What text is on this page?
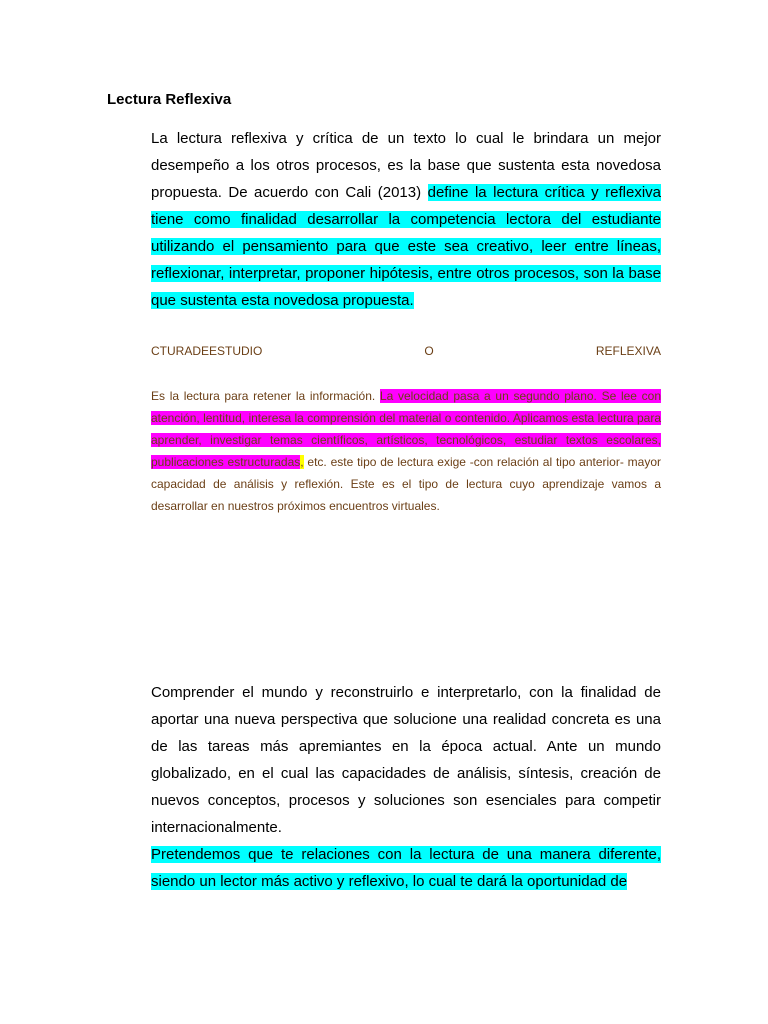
Lectura Reflexiva

La lectura reflexiva y crítica de un texto lo cual le brindara un mejor desempeño a los otros procesos, es la base que sustenta esta novedosa propuesta. De acuerdo con Cali (2013) define la lectura crítica y reflexiva tiene como finalidad desarrollar la competencia lectora del estudiante utilizando el pensamiento para que este sea creativo, leer entre líneas, reflexionar, interpretar, proponer hipótesis, entre otros procesos, son la base que sustenta esta novedosa propuesta.

CTURADEESTUDIO	O	REFLEXIVA

Es la lectura para retener la información. La velocidad pasa a un segundo plano. Se lee con atención, lentitud, interesa la comprensión del material o contenido. Aplicamos esta lectura para aprender, investigar temas científicos, artísticos, tecnológicos, estudiar textos escolares, publicaciones estructuradas, etc. este tipo de lectura exige -con relación al tipo anterior- mayor capacidad de análisis y reflexión. Este es el tipo de lectura cuyo aprendizaje vamos a desarrollar en nuestros próximos encuentros virtuales.

Comprender el mundo y reconstruirlo e interpretarlo, con la finalidad de aportar una nueva perspectiva que solucione una realidad concreta es una de las tareas más apremiantes en la época actual. Ante un mundo globalizado, en el cual las capacidades de análisis, síntesis, creación de nuevos conceptos, procesos y soluciones son esenciales para competir internacionalmente.
Pretendemos que te relaciones con la lectura de una manera diferente, siendo un lector más activo y reflexivo, lo cual te dará la oportunidad de
